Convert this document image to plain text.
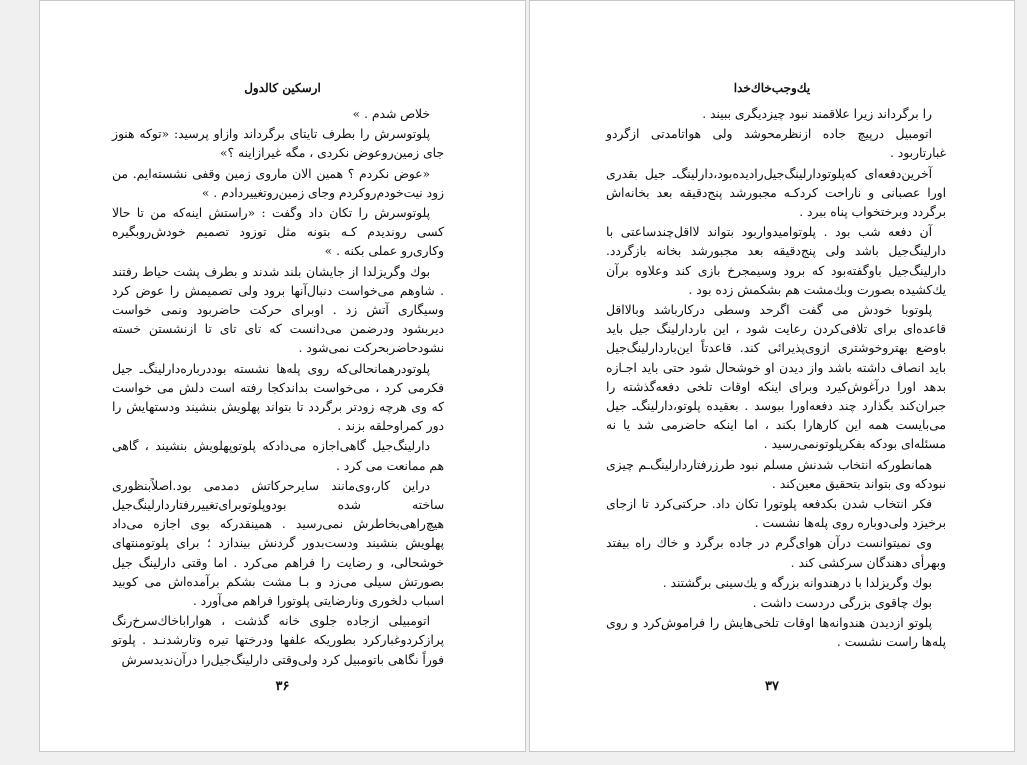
ارسكين كالدول

خلاص شدم . »

پلوتوسرش را بطرف تایتای برگرداند وازاو پرسید: «توکه هنوز جای زمین‌روعوض نکردی ، مگه غیرازاینه ؟»

«عوض نکردم ؟ همین الان ماروی زمین وقفی نشسته‌ایم. من زود نیت‌خودم‌رو‌کردم وجای زمین‌رو‌تغییر‌دادم . »

پلوتوسرش را تکان داد وگفت : «راستش اینه‌که من تا حالا کسی روندیدم کـه بتونه مثل توزود تصمیم خودش‌روبگیره وکاری‌رو عملی بکنه . »

بوك وگریزلدا از جایشان بلند شدند و بطرف پشت حیاط رفتند . شاوهم می‌خواست دنبال‌آنها برود ولی تصمیمش را عوض کرد وسیگاری آتش زد . اوبرای حرکت حاضربود ونمی خواست دیربشود ودرضمن می‌دانست که تای تای تا ازنشستن خسته نشود‌حاضر‌بحرکت نمی‌شود .

پلوتو‌در‌همانحالی‌که روی پله‌ها نشسته بوددرباره‌دارلینگ‌ـ جیل فکرمی کرد ، می‌خواست بداندکجا رفته است دلش می خواست که وی هرچه زودتر برگردد تا بتواند پهلویش بنشیند ودستهایش را دور کمراوحلقه بزند .

دارلینگ‌جیل گاهی‌اجازه می‌دادکه پلوتوپهلویش بنشیند ، گاهی هم ممانعت می کرد .

دراین کار،وی‌مانند سایرحرکاتش دمدمی بود.اصلاًبنظوری ساخته شده بودو‌پلوتوبرای‌تغییر‌رفتار‌دارلینگ‌جیل هیچ‌راهی‌بخاطرش نمی‌رسید . همینقدرکه بوی اجازه می‌داد پهلویش بنشیند ودست‌بدور گردنش بیندازد ؛ برای پلوتومنتهای خوشحالی، و رضایت را فراهم می‌کرد . اما وقتی دارلینگ جیل بصورتش سیلی می‌زد و بـا مشت بشکم برآمده‌اش می کوبید اسباب دلخوری ونارضایتی پلوتورا فراهم می‌آورد .

اتومبیلی ازجاده جلوی خانه گذشت ، هواراباخاك‌سرخ‌رنگ پرازکردوغبار‌کرد بطوریکه علفها ودرختها تیره وتارشدنـد . پلوتو فوراً نگاهی باتومبیل کرد ولی‌وقتی دارلینگ‌جیل‌را درآن‌ندیدسرش

۳۶
یك‌وجب‌خاك‌خدا

را برگرداند زیرا علاقمند نبود چیزدیگری ببیند .

اتومبیل درپیچ جاده ازنظرمحوشد ولی هواتامدتی ازگردو غبارتاربود .

آخرین‌دفعه‌ای که‌پلوتودارلینگ‌جیل‌رادیده‌بود،دارلینگ‌ـ جیل بقدری اورا عصبانی و ناراحت کردکـه مجبورشد پنج‌دقیقه بعد بخانه‌اش برگردد وبرختخواب پناه ببرد .

آن دفعه شب بود . پلوتوامیدواربود بتواند لااقل‌چندساعتی با دارلینگ‌جیل باشد ولی پنج‌دقیقه بعد مجبورشد بخانه بازگردد. دارلینگ‌جیل باو‌گفته‌بود که برود وسیمجرخ بازی کند وعلاوه برآن یك‌کشیده بصورت وبك‌مشت هم بشکمش زده بود .

پلوتو‌با خودش می گفت اگرحد وسطی درکارباشد وبالااقل قاعده‌ای برای تلافی‌کردن رعایت شود ، این باردارلینگ جیل باید باوضع بهتروخوشتری ازوی‌پذیرائی کند. قاعدتاً این‌باردارلینگ‌جیل باید انصاف داشته باشد واز دیدن او خوشحال شود حتی باید اجـازه بدهد اورا درآغوش‌کیرد وبرای اینکه اوقات تلخی دفعه‌گذشته را جبران‌کند بگذارد چند دفعه‌اورا ببوسد . بعقیده پلوتو،دارلینگ‌ـ جیل می‌بایست همه این کارهارا بکند ، اما اینکه حاضرمی شد یا نه مسئله‌ای بودکه بفکرپلوتونمی‌رسید .

همانطورکه انتخاب شدنش مسلم نبود طرزرفتاردارلینگ‌ـم چیزی نبودکه وی بتواند بتحقیق معین‌کند .

فکر انتخاب شدن بکدفعه پلوتورا تکان داد. حرکتی‌کرد تا ازجای برخیزد ولی‌دوباره روی پله‌ها نشست .

وی نمیتوانست درآن هوای‌گرم در جاده برگرد و خاك راه بیفتد وبهرأی دهندگان سرکشی کند .

بوك وگریزلدا با درهندوانه بزرگه و یك‌سینی برگشتند .

بوك چاقوی بزرگی دردست داشت .

پلوتو ازدیدن هندوانه‌ها اوقات تلخی‌هایش را فراموش‌کرد و روی پله‌ها راست نشست .

۳۷
